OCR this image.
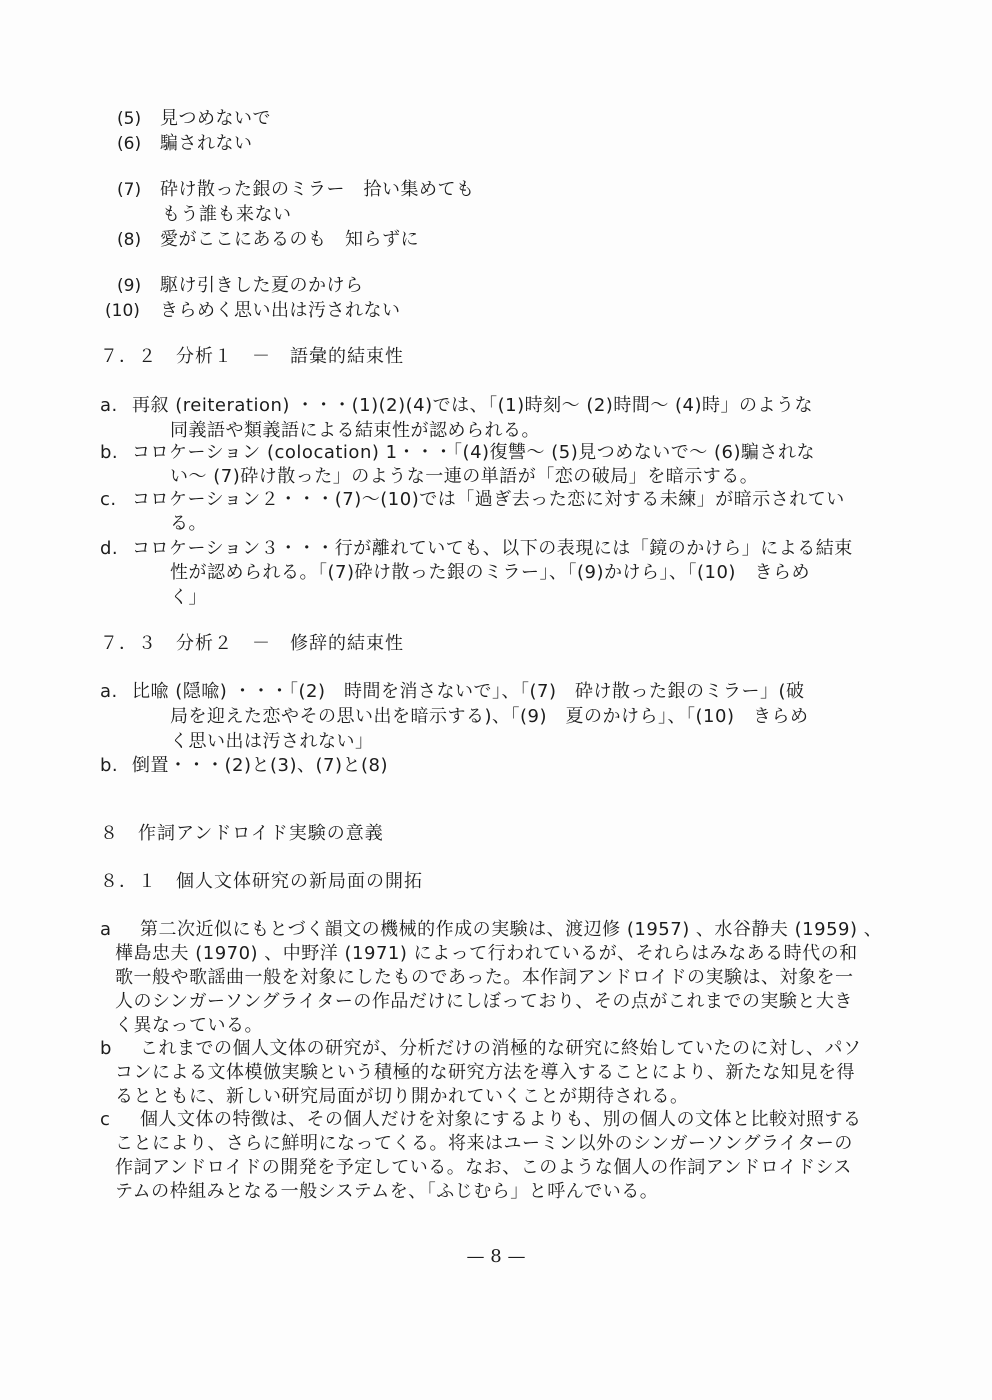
(5) 見つめないで
(6) 騙されない
(7) 砕け散った銀のミラー　拾い集めても
もう誰も来ない
(8) 愛がここにあるのも　知らずに
(9) 駆け引きした夏のかけら
(10) きらめく思い出は汚されない
７．２　分析１　－　語彙的結束性
a. 再叙 (reiteration) ・・・(1)(2)(4)では、「(1)時刻～ (2)時間～ (4)時」のような
同義語や類義語による結束性が認められる。
b. コロケーション (colocation) 1・・・「(4)復讐～ (5)見つめないで～ (6)騙されな
い～ (7)砕け散った」のような一連の単語が「恋の破局」を暗示する。
c. コロケーション２・・・(7)～(10)では「過ぎ去った恋に対する未練」が暗示されてい
る。
d. コロケーション３・・・行が離れていても、以下の表現には「鏡のかけら」による結束
性が認められる。「(7)砕け散った銀のミラー」、「(9)かけら」、「(10)　きらめ
く」
７．３　分析２　－　修辞的結束性
a. 比喩 (隠喩) ・・・「(2)　時間を消さないで」、「(7)　砕け散った銀のミラー」(破
局を迎えた恋やその思い出を暗示する)、「(9)　夏のかけら」、「(10)　きらめ
く思い出は汚されない」
b. 倒置・・・(2)と(3)、(7)と(8)
８　作詞アンドロイド実験の意義
８．１　個人文体研究の新局面の開拓
a 第二次近似にもとづく韻文の機械的作成の実験は、渡辺修 (1957) 、水谷静夫 (1959) 、
樺島忠夫 (1970) 、中野洋 (1971) によって行われているが、それらはみなある時代の和
歌一般や歌謡曲一般を対象にしたものであった。本作詞アンドロイドの実験は、対象を一
人のシンガーソングライターの作品だけにしぼっており、その点がこれまでの実験と大き
く異なっている。
b これまでの個人文体の研究が、分析だけの消極的な研究に終始していたのに対し、パソ
コンによる文体模倣実験という積極的な研究方法を導入することにより、新たな知見を得
るとともに、新しい研究局面が切り開かれていくことが期待される。
c 個人文体の特徴は、その個人だけを対象にするよりも、別の個人の文体と比較対照する
ことにより、さらに鮮明になってくる。将来はユーミン以外のシンガーソングライターの
作詞アンドロイドの開発を予定している。なお、このような個人の作詞アンドロイドシス
テムの枠組みとなる一般システムを、「ふじむら」と呼んでいる。
— 8 —
